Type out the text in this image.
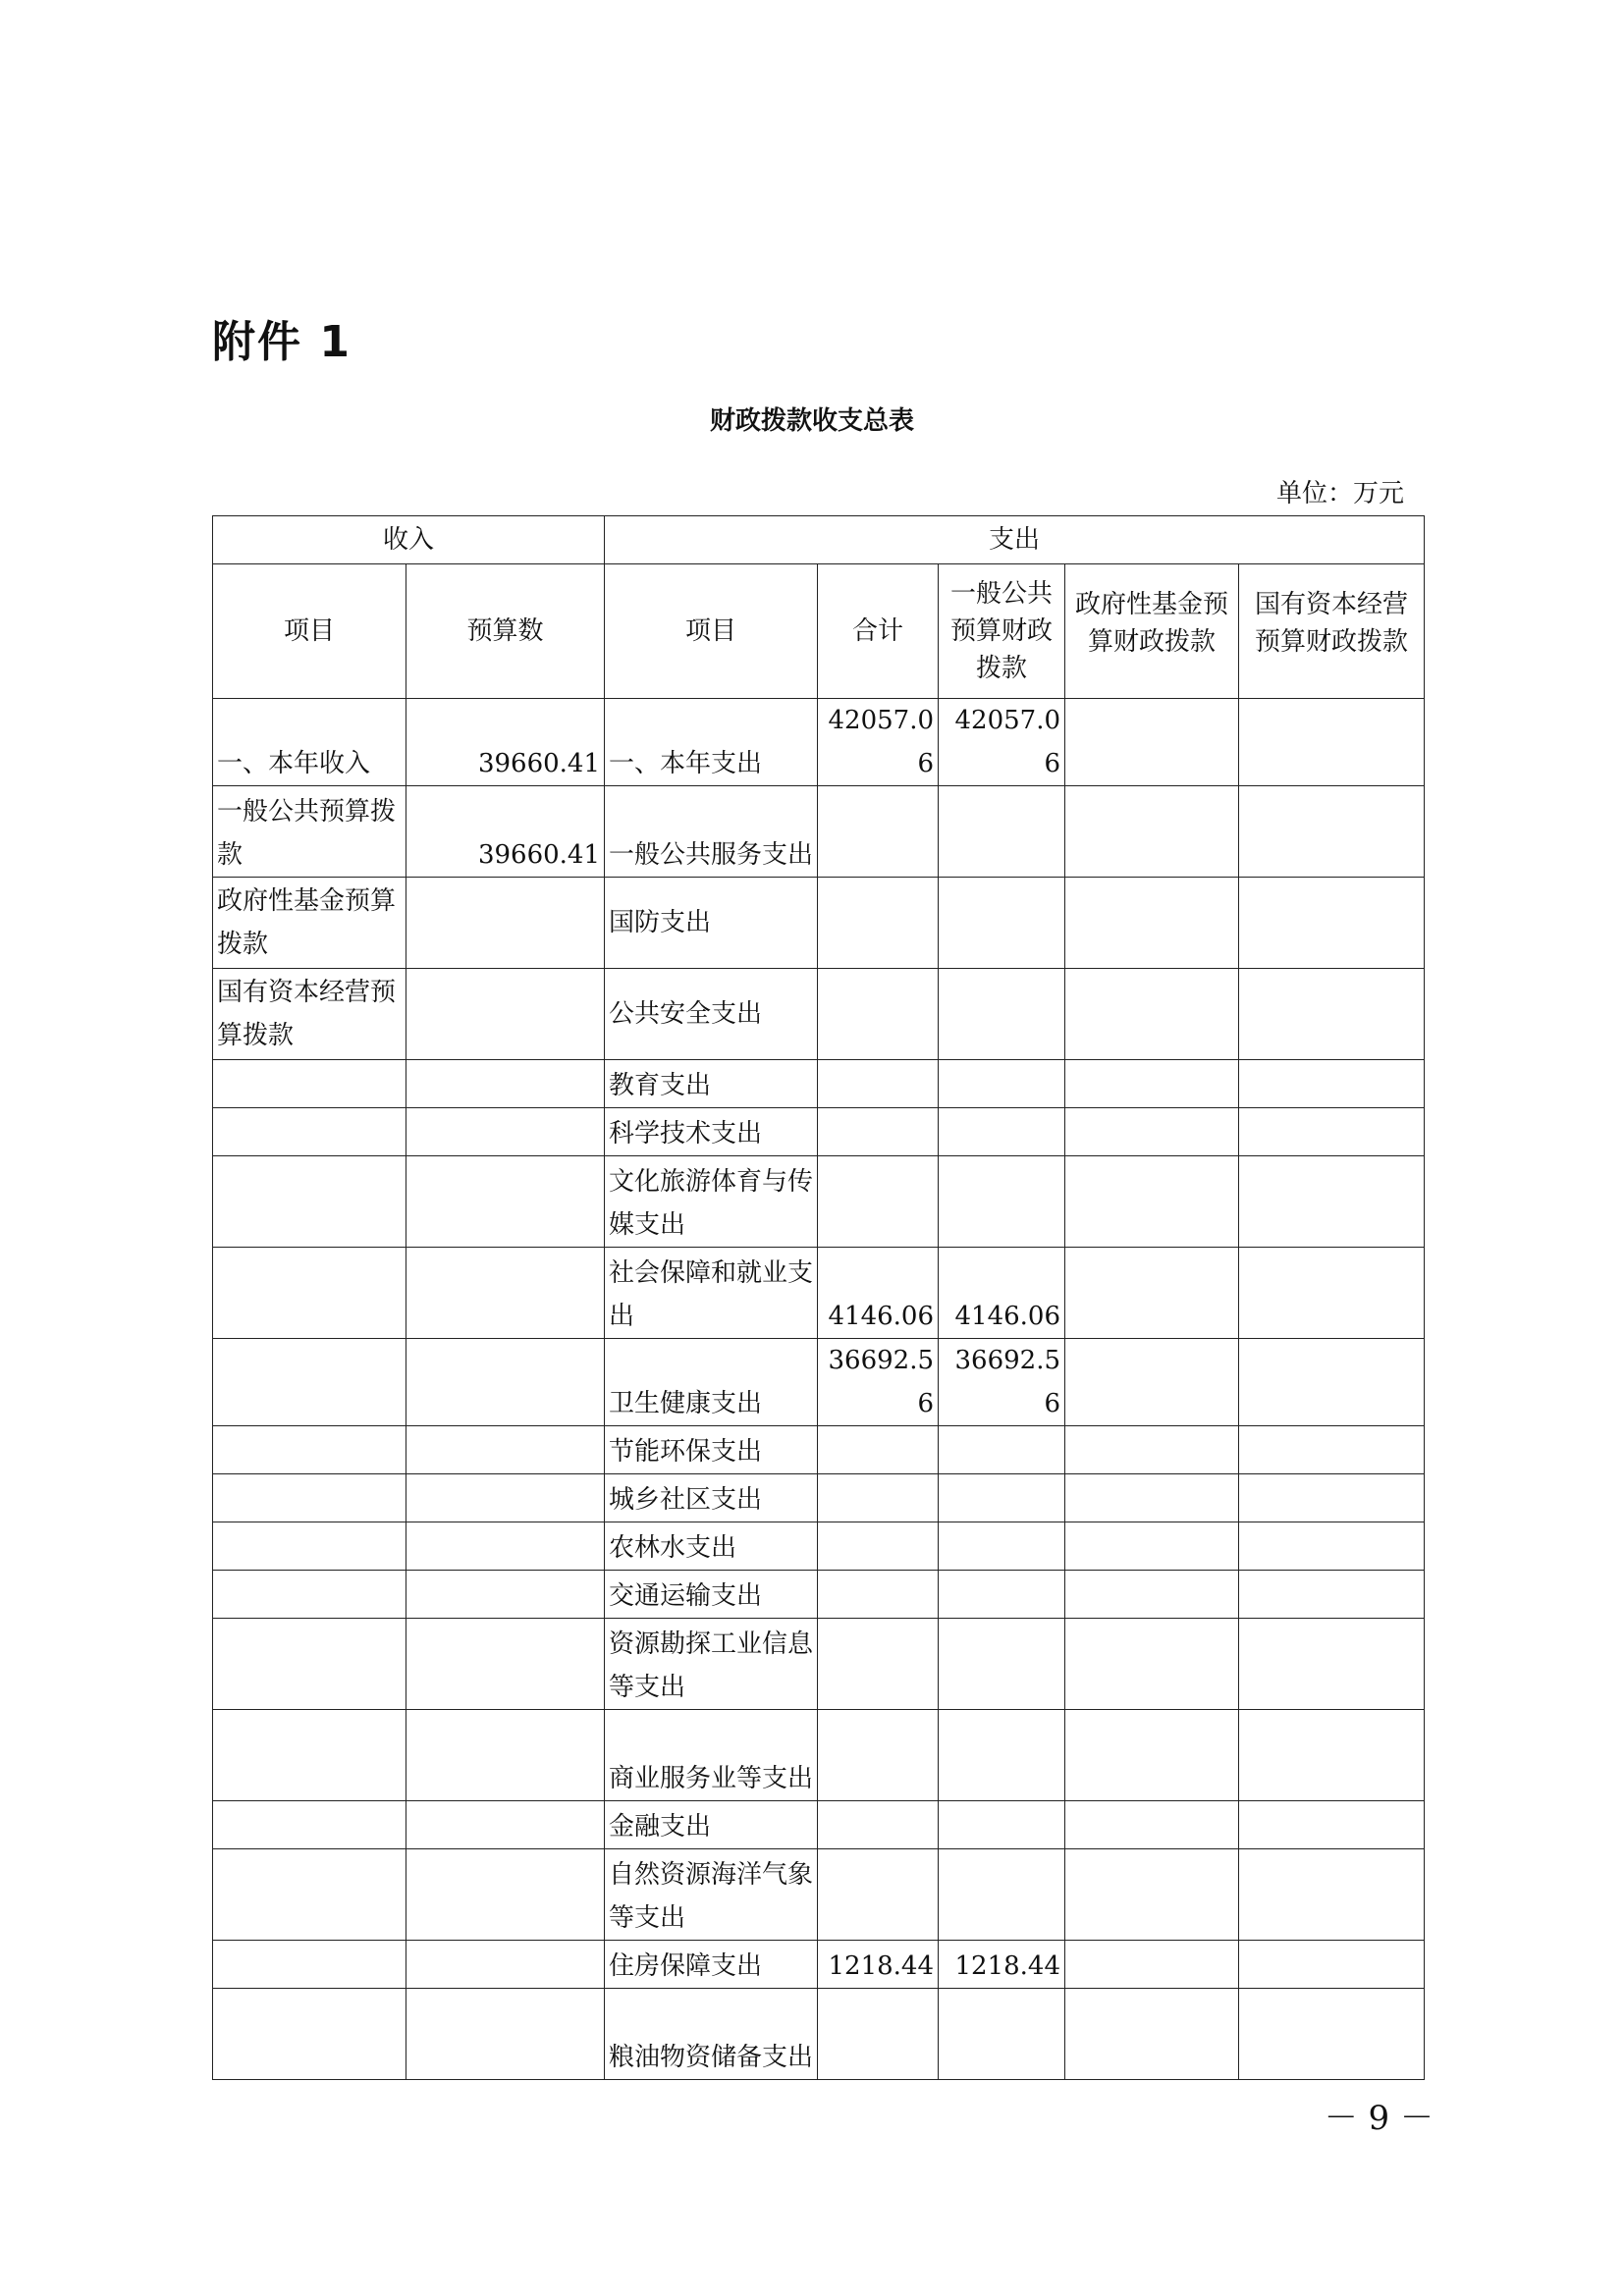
附件 1
财政拨款收支总表
单位：万元
收入		支出				
项目	预算数	项目	合计	一般公共预算财政拨款	政府性基金预算财政拨款	国有资本经营预算财政拨款
一、本年收入	39660.41	一、本年支出	42057.06	42057.06		
一般公共预算拨款	39660.41	一般公共服务支出				
政府性基金预算拨款		国防支出				
国有资本经营预算拨款		公共安全支出				
		教育支出				
		科学技术支出				
		文化旅游体育与传媒支出				
		社会保障和就业支出	4146.06	4146.06		
		卫生健康支出	36692.56	36692.56		
		节能环保支出				
		城乡社区支出				
		农林水支出				
		交通运输支出				
		资源勘探工业信息等支出				
		商业服务业等支出				
		金融支出				
		自然资源海洋气象等支出				
		住房保障支出	1218.44	1218.44		
		粮油物资储备支出				
－ 9 －
